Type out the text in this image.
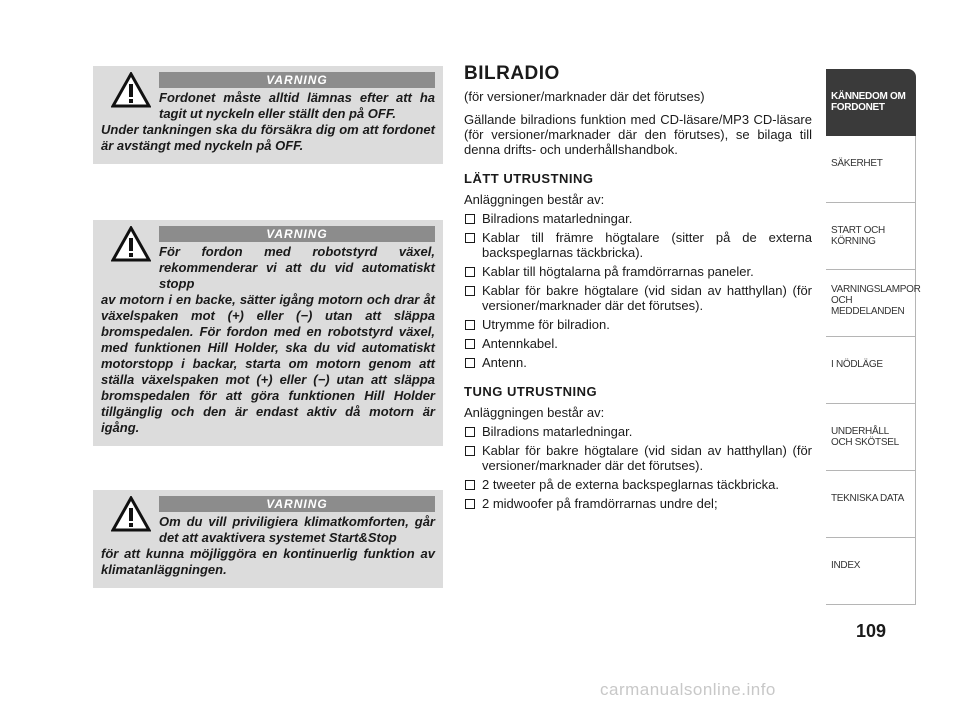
VARNING

Fordonet måste alltid lämnas efter att ha tagit ut nyckeln eller ställt den på OFF.
Under tankningen ska du försäkra dig om att fordonet är avstängt med nyckeln på OFF.

VARNING

För fordon med robotstyrd växel, rekommenderar vi att du vid automatiskt stopp
av motorn i en backe, sätter igång motorn och drar åt växelspaken mot (+) eller (−) utan att släppa bromspedalen. För fordon med en robotstyrd växel, med funktionen Hill Holder, ska du vid automatiskt motorstopp i backar, starta om motorn genom att ställa växelspaken mot (+) eller (−) utan att släppa bromspedalen för att göra funktionen Hill Holder tillgänglig och den är endast aktiv då motorn är igång.

VARNING

Om du vill priviligiera klimatkomforten, går det att avaktivera systemet Start&Stop
för att kunna möjliggöra en kontinuerlig funktion av klimatanläggningen.

BILRADIO

(för versioner/marknader där det förutses)

Gällande bilradions funktion med CD-läsare/MP3 CD-läsare (för versioner/marknader där den förutses), se bilaga till denna drifts- och underhållshandbok.

LÄTT UTRUSTNING

Anläggningen består av:

Bilradions matarledningar.
Kablar till främre högtalare (sitter på de externa backspeglarnas täckbricka).
Kablar till högtalarna på framdörrarnas paneler.
Kablar för bakre högtalare (vid sidan av hatthyllan) (för versioner/marknader där det förutses).
Utrymme för bilradion.
Antennkabel.
Antenn.
TUNG UTRUSTNING

Anläggningen består av:

Bilradions matarledningar.
Kablar för bakre högtalare (vid sidan av hatthyllan) (för versioner/marknader där det förutses).
2 tweeter på de externa backspeglarnas täckbricka.
2 midwoofer på framdörrarnas undre del;
KÄNNEDOM OM FORDONET
SÄKERHET
START OCH KÖRNING
VARNINGSLAMPOR OCH MEDDELANDEN
I NÖDLÄGE
UNDERHÅLL OCH SKÖTSEL
TEKNISKA DATA
INDEX
109
carmanualsonline.info
